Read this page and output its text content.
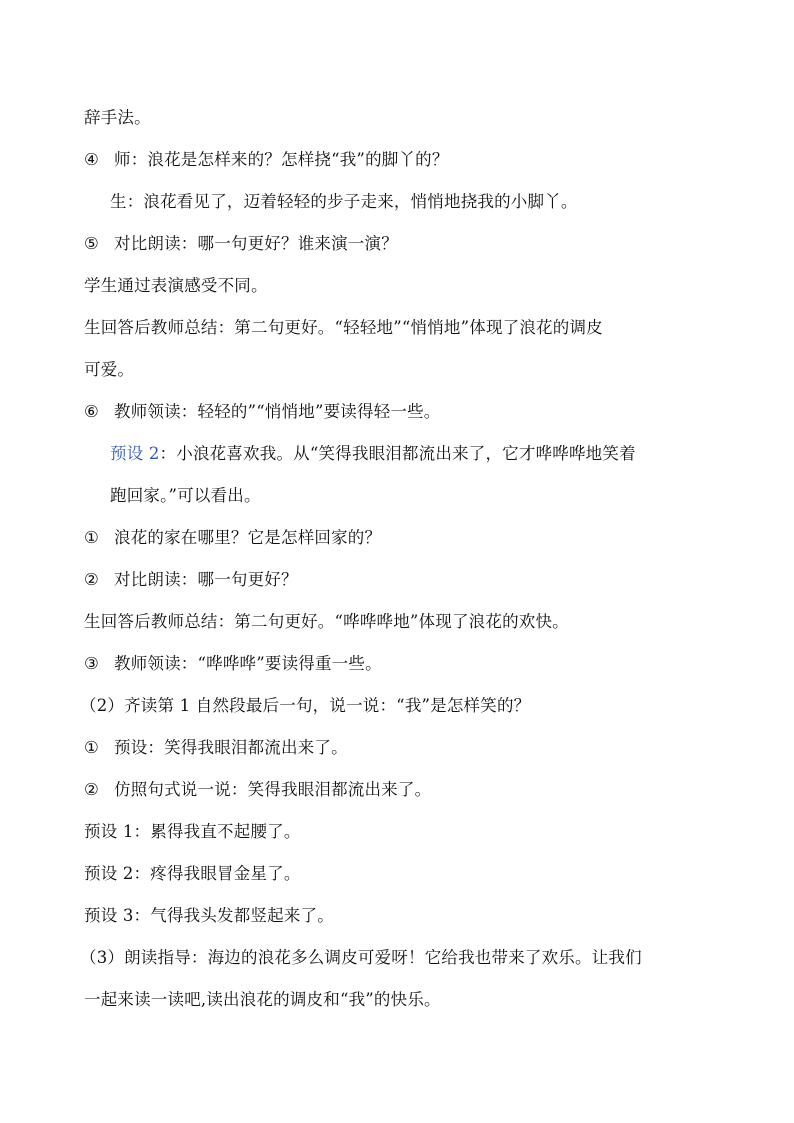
辞手法。
④ 师：浪花是怎样来的？怎样挠“我”的脚丫的？
生：浪花看见了，迈着轻轻的步子走来，悄悄地挠我的小脚丫。
⑤ 对比朗读：哪一句更好？谁来演一演？
学生通过表演感受不同。
生回答后教师总结：第二句更好。“轻轻地”“悄悄地”体现了浪花的调皮
可爱。
⑥ 教师领读：轻轻的”“悄悄地”要读得轻一些。
预设 2：小浪花喜欢我。从“笑得我眼泪都流出来了，它才哗哗哗地笑着
跑回家。”可以看出。
① 浪花的家在哪里？它是怎样回家的？
② 对比朗读：哪一句更好？
生回答后教师总结：第二句更好。“哗哗哗地”体现了浪花的欢快。
③ 教师领读：“哗哗哗”要读得重一些。
（2）齐读第 1 自然段最后一句，说一说：“我”是怎样笑的？
① 预设：笑得我眼泪都流出来了。
② 仿照句式说一说：笑得我眼泪都流出来了。
预设 1：累得我直不起腰了。
预设 2：疼得我眼冒金星了。
预设 3：气得我头发都竖起来了。
（3）朗读指导：海边的浪花多么调皮可爱呀！它给我也带来了欢乐。让我们
一起来读一读吧,读出浪花的调皮和“我”的快乐。
